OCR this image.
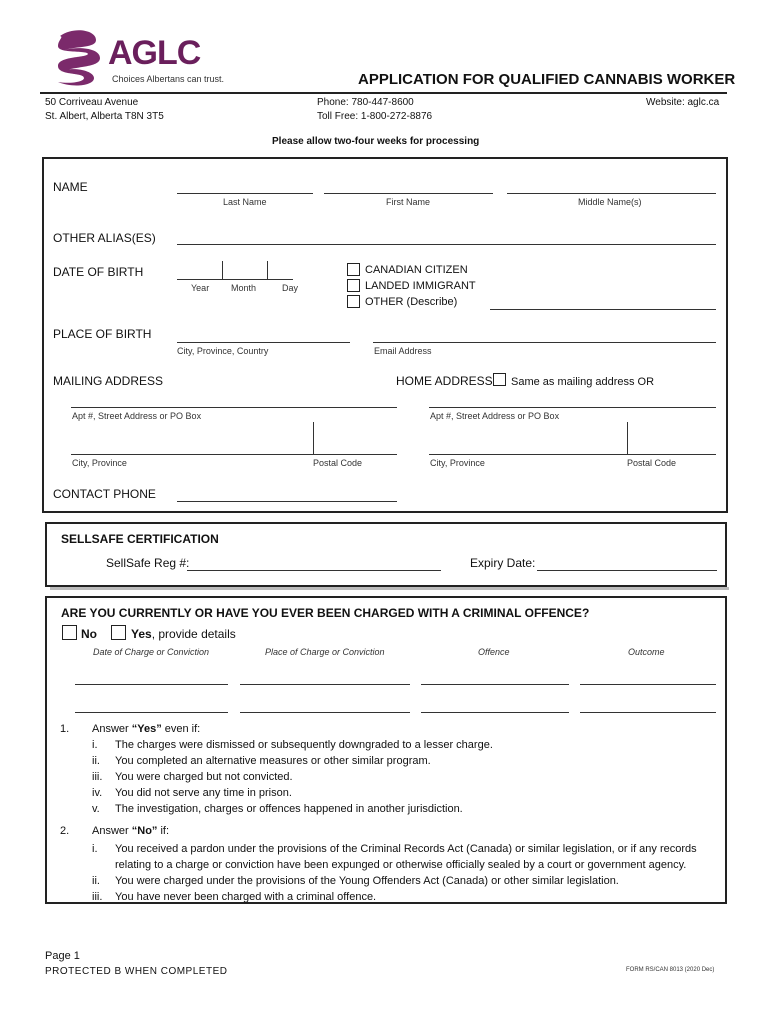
AGLC
Choices Albertans can trust.	APPLICATION FOR QUALIFIED CANNABIS WORKER
50 Corriveau Avenue
St. Albert, Alberta T8N 3T5
Phone: 780-447-8600
Toll Free: 1-800-272-8876
Website: aglc.ca
Please allow two-four weeks for processing
NAME
Last Name	First Name	Middle Name(s)
OTHER ALIAS(ES)
DATE OF BIRTH
Year Month	Day
CANADIAN CITIZEN
LANDED IMMIGRANT
OTHER (Describe)
PLACE OF BIRTH
City, Province, Country	Email Address
MAILING ADDRESS	HOME ADDRESS Same as mailing address OR
Apt #, Street Address or PO Box	Apt #, Street Address or PO Box
City, Province	Postal Code	City, Province	Postal Code
CONTACT PHONE
SELLSAFE CERTIFICATION
SellSafe Reg #:	Expiry Date:
ARE YOU CURRENTLY OR HAVE YOU EVER BEEN CHARGED WITH A CRIMINAL OFFENCE?
No	Yes, provide details
Date of Charge or Conviction	Place of Charge or Conviction	Offence	Outcome
1. Answer “Yes” even if:
i.	The charges were dismissed or subsequently downgraded to a lesser charge.
ii.	You completed an alternative measures or other similar program.
iii.	You were charged but not convicted.
iv.	You did not serve any time in prison.
v.	The investigation, charges or offences happened in another jurisdiction.
2. Answer “No” if:
i.	You received a pardon under the provisions of the Criminal Records Act (Canada) or similar legislation, or if any records relating to a charge or conviction have been expunged or otherwise officially sealed by a court or government agency.
ii.	You were charged under the provisions of the Young Offenders Act (Canada) or other similar legislation.
iii.	You have never been charged with a criminal offence.
Page 1
PROTECTED B WHEN COMPLETED	FORM RS/CAN 8013 (2020 Dec)
